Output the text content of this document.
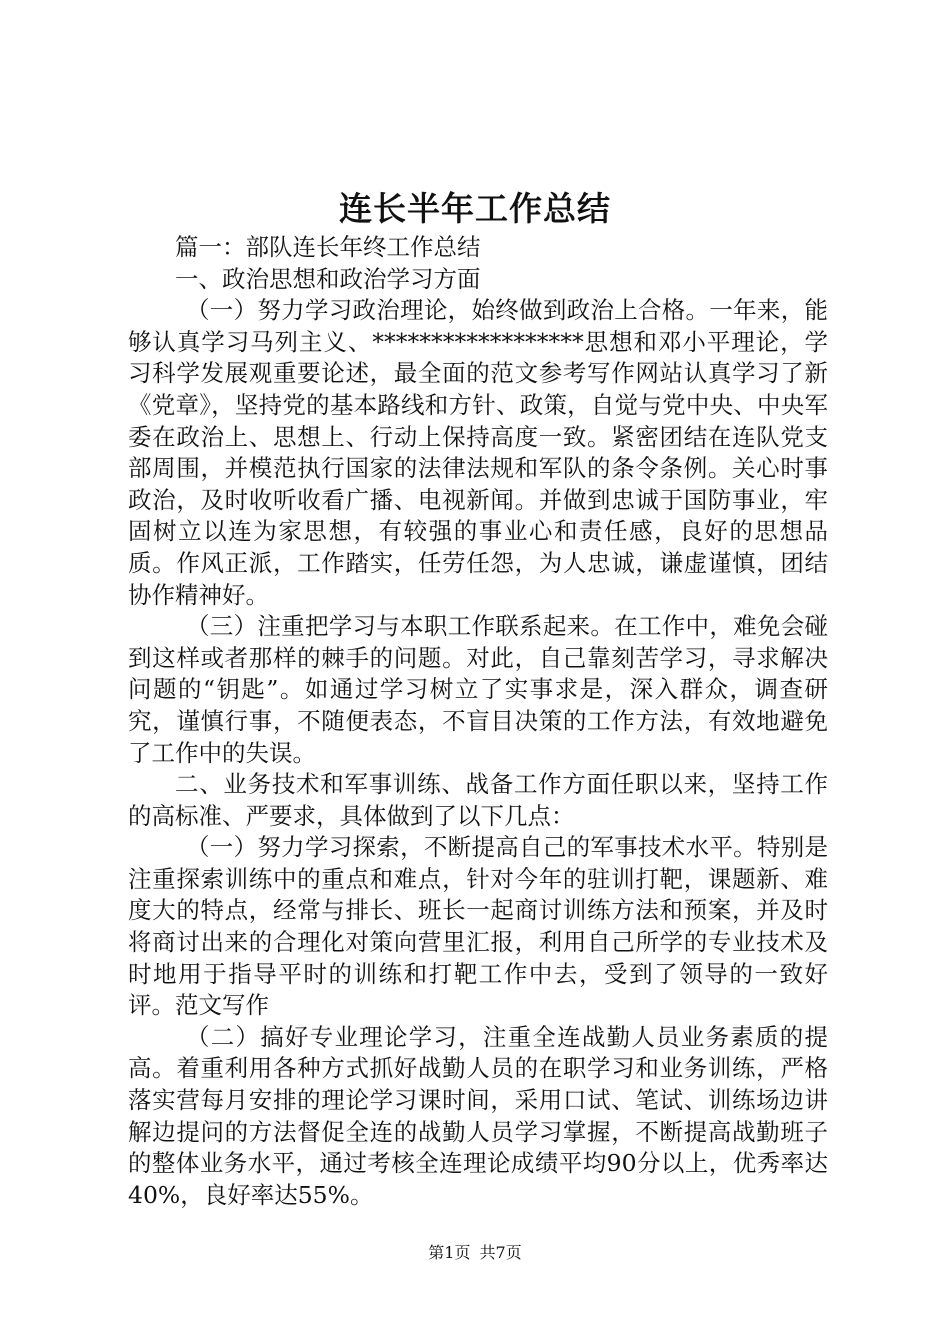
连长半年工作总结

篇一：部队连长年终工作总结

一、政治思想和政治学习方面

（一）努力学习政治理论，始终做到政治上合格。一年来，能够认真学习马列主义、******************思想和邓小平理论，学习科学发展观重要论述，最全面的范文参考写作网站认真学习了新《党章》，坚持党的基本路线和方针、政策，自觉与党中央、中央军委在政治上、思想上、行动上保持高度一致。紧密团结在连队党支部周围，并模范执行国家的法律法规和军队的条令条例。关心时事政治，及时收听收看广播、电视新闻。并做到忠诚于国防事业，牢固树立以连为家思想，有较强的事业心和责任感，良好的思想品质。作风正派，工作踏实，任劳任怨，为人忠诚，谦虚谨慎，团结协作精神好。

（三）注重把学习与本职工作联系起来。在工作中，难免会碰到这样或者那样的棘手的问题。对此，自己靠刻苦学习，寻求解决问题的“钥匙”。如通过学习树立了实事求是，深入群众，调查研究，谨慎行事，不随便表态，不盲目决策的工作方法，有效地避免了工作中的失误。

二、业务技术和军事训练、战备工作方面任职以来，坚持工作的高标准、严要求，具体做到了以下几点：

（一）努力学习探索，不断提高自己的军事技术水平。特别是注重探索训练中的重点和难点，针对今年的驻训打靶，课题新、难度大的特点，经常与排长、班长一起商讨训练方法和预案，并及时将商讨出来的合理化对策向营里汇报，利用自己所学的专业技术及时地用于指导平时的训练和打靶工作中去，受到了领导的一致好评。范文写作

（二）搞好专业理论学习，注重全连战勤人员业务素质的提高。着重利用各种方式抓好战勤人员的在职学习和业务训练，严格落实营每月安排的理论学习课时间，采用口试、笔试、训练场边讲解边提问的方法督促全连的战勤人员学习掌握，不断提高战勤班子的整体业务水平，通过考核全连理论成绩平均90分以上，优秀率达40%，良好率达55%。

第1页 共7页
